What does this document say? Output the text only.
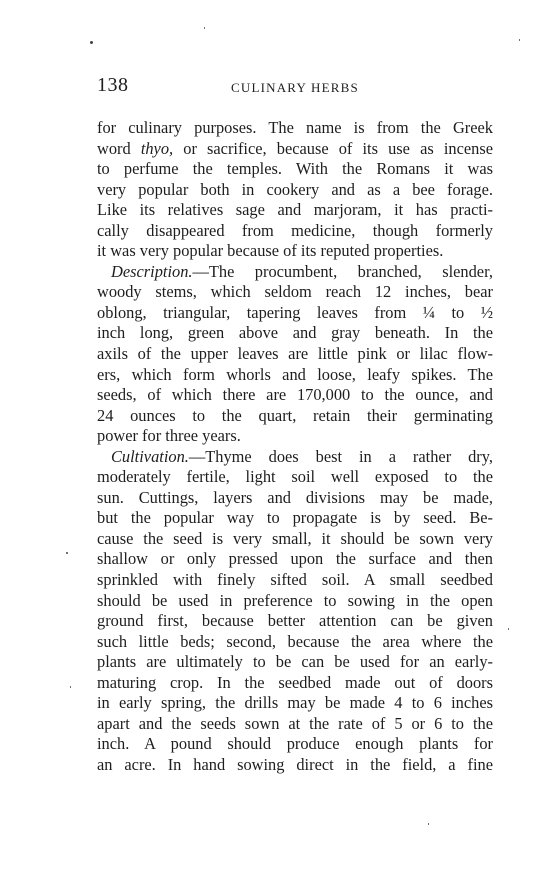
138	CULINARY HERBS
for culinary purposes. The name is from the Greek
word thyo, or sacrifice, because of its use as incense
to perfume the temples. With the Romans it was
very popular both in cookery and as a bee forage.
Like its relatives sage and marjoram, it has practi-
cally disappeared from medicine, though formerly
it was very popular because of its reputed properties.
Description.—The procumbent, branched, slender,
woody stems, which seldom reach 12 inches, bear
oblong, triangular, tapering leaves from ¼ to ½
inch long, green above and gray beneath. In the
axils of the upper leaves are little pink or lilac flow-
ers, which form whorls and loose, leafy spikes. The
seeds, of which there are 170,000 to the ounce, and
24 ounces to the quart, retain their germinating
power for three years.
Cultivation.—Thyme does best in a rather dry,
moderately fertile, light soil well exposed to the
sun. Cuttings, layers and divisions may be made,
but the popular way to propagate is by seed. Be-
cause the seed is very small, it should be sown very
shallow or only pressed upon the surface and then
sprinkled with finely sifted soil. A small seedbed
should be used in preference to sowing in the open
ground first, because better attention can be given
such little beds; second, because the area where the
plants are ultimately to be can be used for an early-
maturing crop. In the seedbed made out of doors
in early spring, the drills may be made 4 to 6 inches
apart and the seeds sown at the rate of 5 or 6 to the
inch. A pound should produce enough plants for
an acre. In hand sowing direct in the field, a fine
